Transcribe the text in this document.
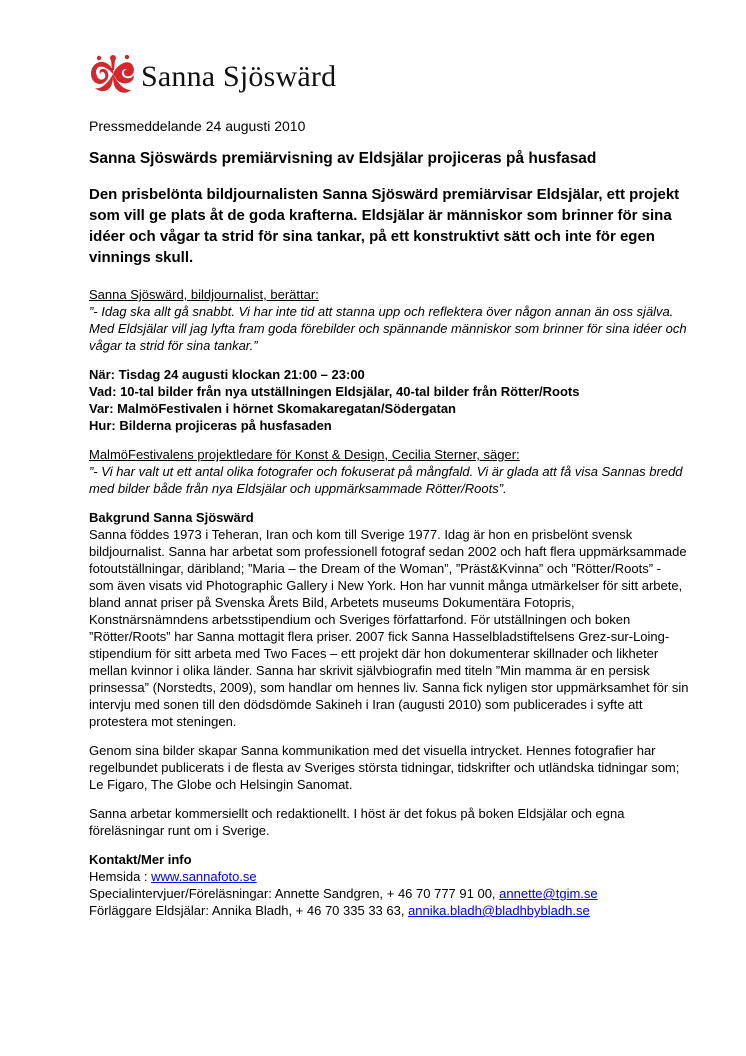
Sanna Sjöswärd

Pressmeddelande 24 augusti 2010

Sanna Sjöswärds premiärvisning av Eldsjälar projiceras på husfasad

Den prisbelönta bildjournalisten Sanna Sjöswärd premiärvisar Eldsjälar, ett projekt som vill ge plats åt de goda krafterna. Eldsjälar är människor som brinner för sina idéer och vågar ta strid för sina tankar, på ett konstruktivt sätt och inte för egen vinnings skull.

Sanna Sjöswärd, bildjournalist, berättar:

”- Idag ska allt gå snabbt. Vi har inte tid att stanna upp och reflektera över någon annan än oss själva. Med Eldsjälar vill jag lyfta fram goda förebilder och spännande människor som brinner för sina idéer och vågar ta strid för sina tankar.”

När: Tisdag 24 augusti klockan 21:00 – 23:00

Vad: 10-tal bilder från nya utställningen Eldsjälar, 40-tal bilder från Rötter/Roots

Var: MalmöFestivalen i hörnet Skomakaregatan/Södergatan

Hur: Bilderna projiceras på husfasaden

MalmöFestivalens projektledare för Konst & Design, Cecilia Sterner, säger:

”- Vi har valt ut ett antal olika fotografer och fokuserat på mångfald. Vi är glada att få visa Sannas bredd med bilder både från nya Eldsjälar och uppmärksammade Rötter/Roots”.

Bakgrund Sanna Sjöswärd

Sanna föddes 1973 i Teheran, Iran och kom till Sverige 1977. Idag är hon en prisbelönt svensk bildjournalist. Sanna har arbetat som professionell fotograf sedan 2002 och haft flera uppmärksammade fotoutställningar, däribland; ”Maria – the Dream of the Woman”, ”Präst&Kvinna” och ”Rötter/Roots” - som även visats vid Photographic Gallery i New York. Hon har vunnit många utmärkelser för sitt arbete, bland annat priser på Svenska Årets Bild, Arbetets museums Dokumentära Fotopris, Konstnärsnämndens arbetsstipendium och Sveriges författarfond. För utställningen och boken ”Rötter/Roots” har Sanna mottagit flera priser. 2007 fick Sanna Hasselbladstiftelsens Grez-sur-Loing-stipendium för sitt arbeta med Two Faces – ett projekt där hon dokumenterar skillnader och likheter mellan kvinnor i olika länder. Sanna har skrivit självbiografin med titeln ”Min mamma är en persisk prinsessa” (Norstedts, 2009), som handlar om hennes liv. Sanna fick nyligen stor uppmärksamhet för sin intervju med sonen till den dödsdömde Sakineh i Iran (augusti 2010) som publicerades i syfte att protestera mot steningen.

Genom sina bilder skapar Sanna kommunikation med det visuella intrycket. Hennes fotografier har regelbundet publicerats i de flesta av Sveriges största tidningar, tidskrifter och utländska tidningar som; Le Figaro, The Globe och Helsingin Sanomat.

Sanna arbetar kommersiellt och redaktionellt. I höst är det fokus på boken Eldsjälar och egna föreläsningar runt om i Sverige.

Kontakt/Mer info

Hemsida : www.sannafoto.se

Specialintervjuer/Föreläsningar: Annette Sandgren, + 46 70 777 91 00, annette@tgim.se

Förläggare Eldsjälar: Annika Bladh, + 46 70 335 33 63, annika.bladh@bladhbybladh.se
